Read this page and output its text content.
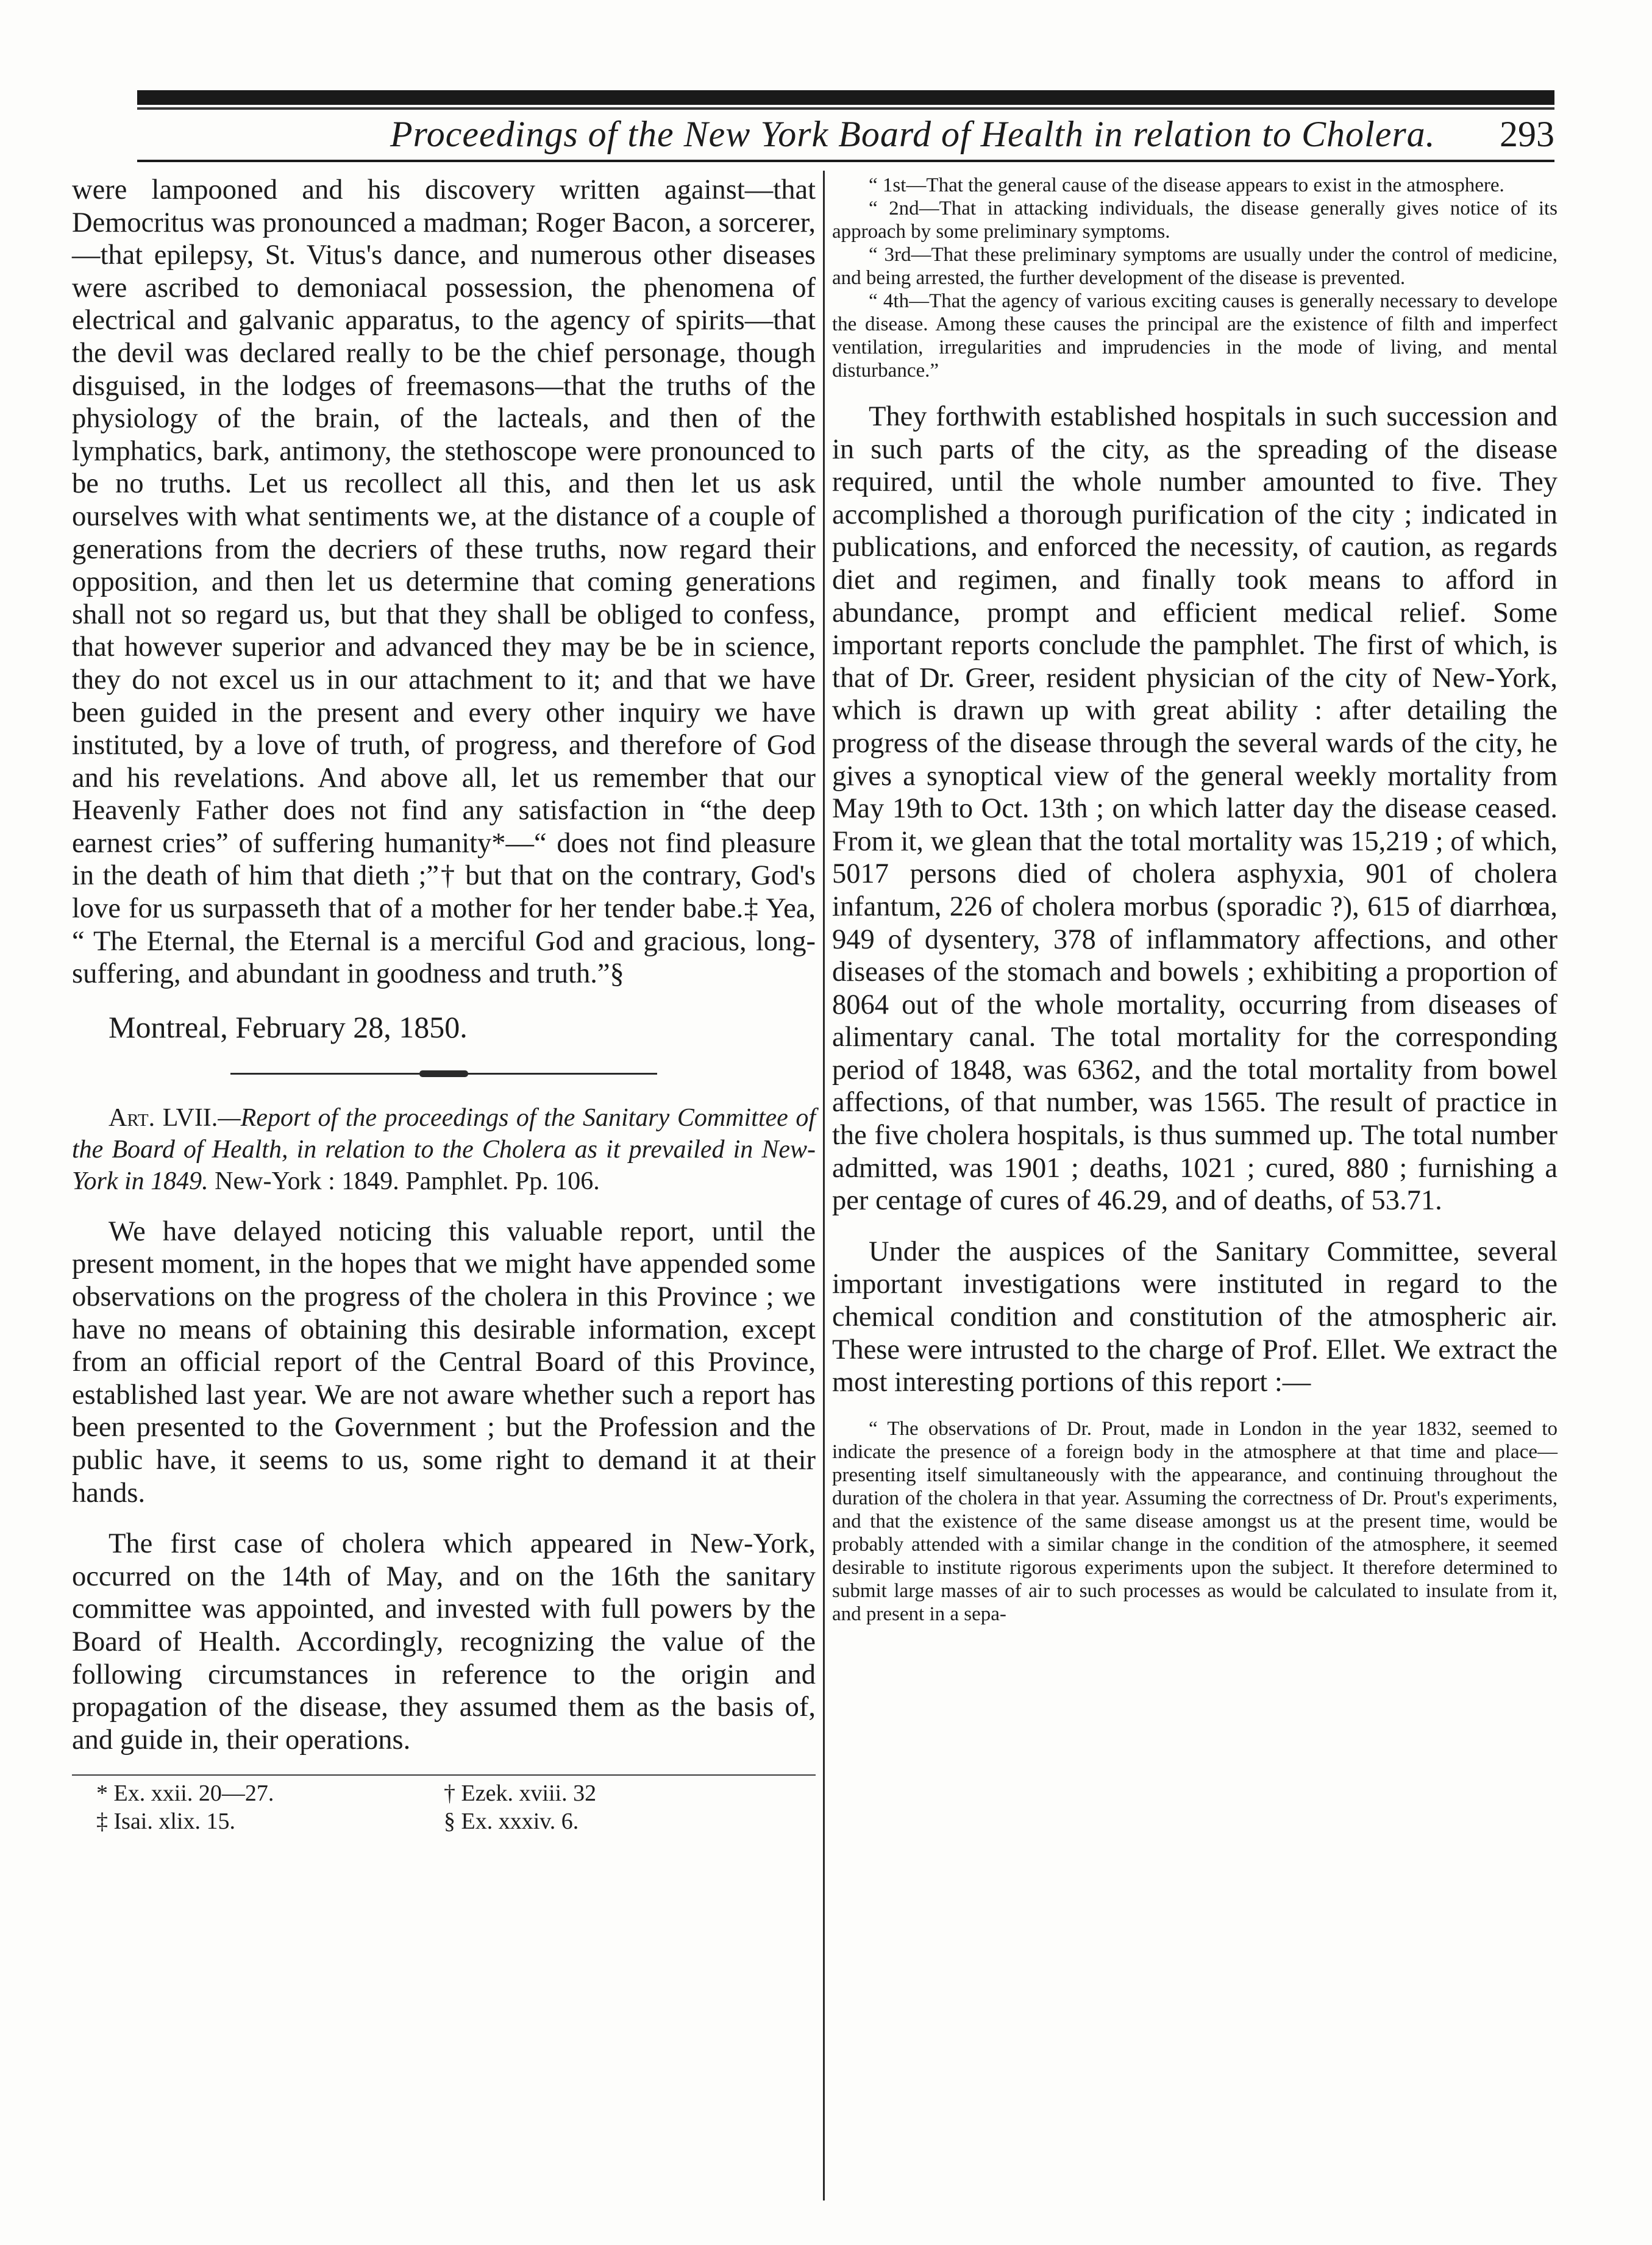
Proceedings of the New York Board of Health in relation to Cholera. 293

were lampooned and his discovery written against—that Democritus was pronounced a madman; Roger Bacon, a sorcerer,—that epilepsy, St. Vitus's dance, and numerous other diseases were ascribed to demoniacal possession, the phenomena of electrical and galvanic apparatus, to the agency of spirits—that the devil was declared really to be the chief personage, though disguised, in the lodges of freemasons—that the truths of the physiology of the brain, of the lacteals, and then of the lymphatics, bark, antimony, the stethoscope were pronounced to be no truths. Let us recollect all this, and then let us ask ourselves with what sentiments we, at the distance of a couple of generations from the decriers of these truths, now regard their opposition, and then let us determine that coming generations shall not so regard us, but that they shall be obliged to confess, that however superior and advanced they may be be in science, they do not excel us in our attachment to it; and that we have been guided in the present and every other inquiry we have instituted, by a love of truth, of progress, and therefore of God and his revelations. And above all, let us remember that our Heavenly Father does not find any satisfaction in “the deep earnest cries” of suffering humanity*—“ does not find pleasure in the death of him that dieth ;”† but that on the contrary, God's love for us surpasseth that of a mother for her tender babe.‡ Yea, “ The Eternal, the Eternal is a merciful God and gracious, long-suffering, and abundant in goodness and truth.”§

Montreal, February 28, 1850.

Art. LVII.—Report of the proceedings of the Sanitary Committee of the Board of Health, in relation to the Cholera as it prevailed in New-York in 1849. New-York : 1849. Pamphlet. Pp. 106.

We have delayed noticing this valuable report, until the present moment, in the hopes that we might have appended some observations on the progress of the cholera in this Province ; we have no means of obtaining this desirable information, except from an official report of the Central Board of this Province, established last year. We are not aware whether such a report has been presented to the Government ; but the Profession and the public have, it seems to us, some right to demand it at their hands.

The first case of cholera which appeared in New-York, occurred on the 14th of May, and on the 16th the sanitary committee was appointed, and invested with full powers by the Board of Health. Accordingly, recognizing the value of the following circumstances in reference to the origin and propagation of the disease, they assumed them as the basis of, and guide in, their operations.

* Ex. xxii. 20—27.	† Ezek. xviii. 32
‡ Isai. xlix. 15.	§ Ex. xxxiv. 6.

“ 1st—That the general cause of the disease appears to exist in the atmosphere.

“ 2nd—That in attacking individuals, the disease generally gives notice of its approach by some preliminary symptoms.

“ 3rd—That these preliminary symptoms are usually under the control of medicine, and being arrested, the further development of the disease is prevented.

“ 4th—That the agency of various exciting causes is generally necessary to develope the disease. Among these causes the principal are the existence of filth and imperfect ventilation, irregularities and imprudencies in the mode of living, and mental disturbance.”

They forthwith established hospitals in such succession and in such parts of the city, as the spreading of the disease required, until the whole number amounted to five. They accomplished a thorough purification of the city ; indicated in publications, and enforced the necessity, of caution, as regards diet and regimen, and finally took means to afford in abundance, prompt and efficient medical relief. Some important reports conclude the pamphlet. The first of which, is that of Dr. Greer, resident physician of the city of New-York, which is drawn up with great ability : after detailing the progress of the disease through the several wards of the city, he gives a synoptical view of the general weekly mortality from May 19th to Oct. 13th ; on which latter day the disease ceased. From it, we glean that the total mortality was 15,219 ; of which, 5017 persons died of cholera asphyxia, 901 of cholera infantum, 226 of cholera morbus (sporadic ?), 615 of diarrhœa, 949 of dysentery, 378 of inflammatory affections, and other diseases of the stomach and bowels ; exhibiting a proportion of 8064 out of the whole mortality, occurring from diseases of alimentary canal. The total mortality for the corresponding period of 1848, was 6362, and the total mortality from bowel affections, of that number, was 1565. The result of practice in the five cholera hospitals, is thus summed up. The total number admitted, was 1901 ; deaths, 1021 ; cured, 880 ; furnishing a per centage of cures of 46.29, and of deaths, of 53.71.

Under the auspices of the Sanitary Committee, several important investigations were instituted in regard to the chemical condition and constitution of the atmospheric air. These were intrusted to the charge of Prof. Ellet. We extract the most interesting portions of this report :—

“ The observations of Dr. Prout, made in London in the year 1832, seemed to indicate the presence of a foreign body in the atmosphere at that time and place—presenting itself simultaneously with the appearance, and continuing throughout the duration of the cholera in that year. Assuming the correctness of Dr. Prout's experiments, and that the existence of the same disease amongst us at the present time, would be probably attended with a similar change in the condition of the atmosphere, it seemed desirable to institute rigorous experiments upon the subject. It therefore determined to submit large masses of air to such processes as would be calculated to insulate from it, and present in a sepa-
